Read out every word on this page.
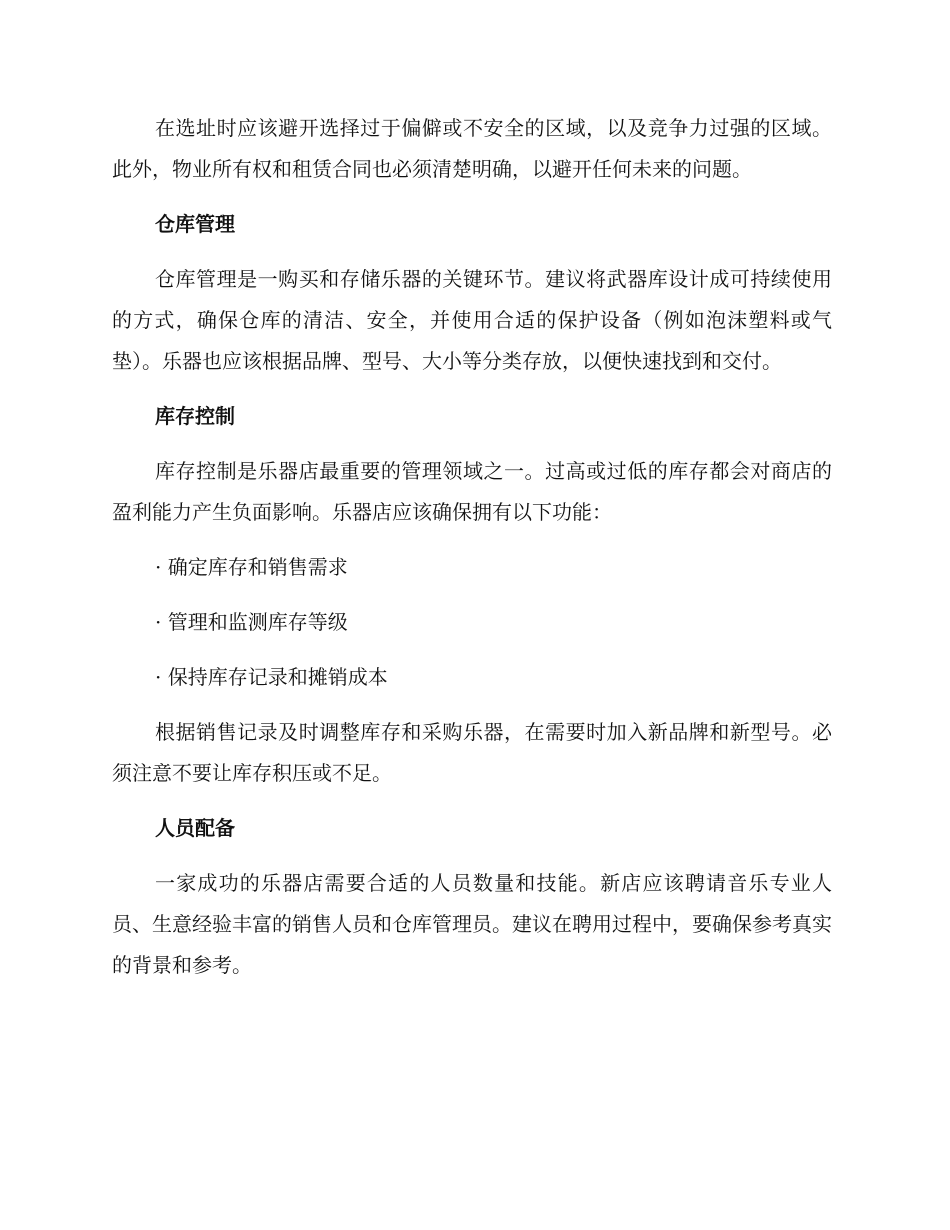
在选址时应该避开选择过于偏僻或不安全的区域，以及竞争力过强的区域。此外，物业所有权和租赁合同也必须清楚明确，以避开任何未来的问题。

仓库管理

仓库管理是一购买和存储乐器的关键环节。建议将武器库设计成可持续使用的方式，确保仓库的清洁、安全，并使用合适的保护设备（例如泡沫塑料或气垫）。乐器也应该根据品牌、型号、大小等分类存放，以便快速找到和交付。

库存控制

库存控制是乐器店最重要的管理领域之一。过高或过低的库存都会对商店的盈利能力产生负面影响。乐器店应该确保拥有以下功能：

· 确定库存和销售需求
· 管理和监测库存等级
· 保持库存记录和摊销成本

根据销售记录及时调整库存和采购乐器，在需要时加入新品牌和新型号。必须注意不要让库存积压或不足。

人员配备

一家成功的乐器店需要合适的人员数量和技能。新店应该聘请音乐专业人员、生意经验丰富的销售人员和仓库管理员。建议在聘用过程中，要确保参考真实的背景和参考。
